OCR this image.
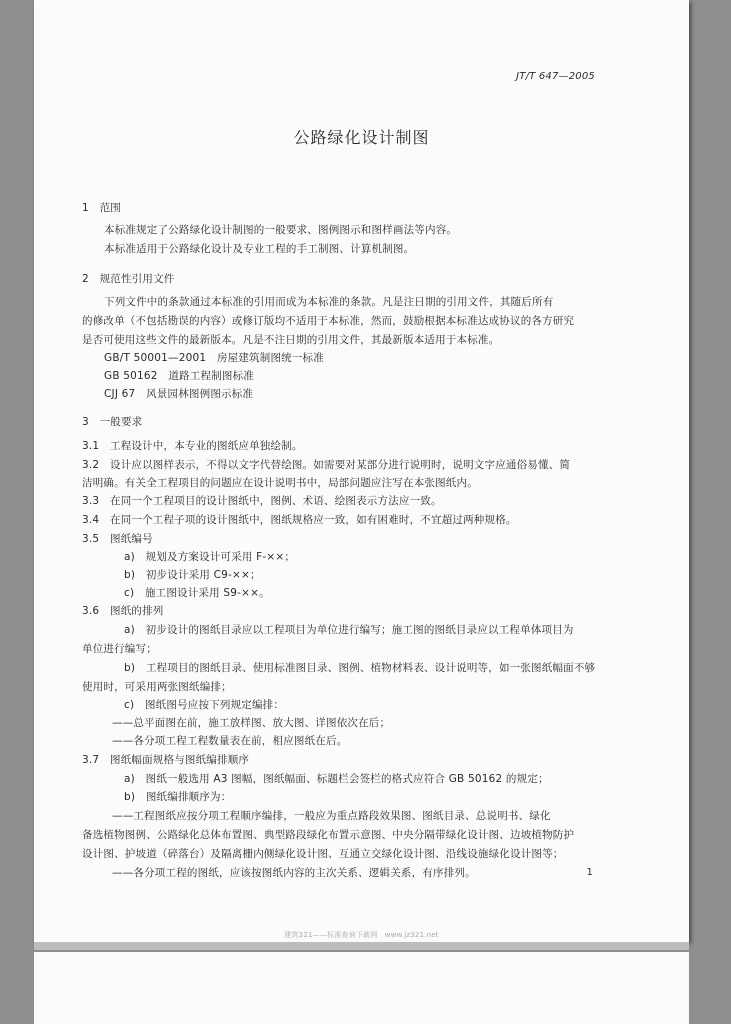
JT/T 647—2005
公路绿化设计制图
1　范围
本标准规定了公路绿化设计制图的一般要求、图例图示和图样画法等内容。
本标准适用于公路绿化设计及专业工程的手工制图、计算机制图。
2　规范性引用文件
下列文件中的条款通过本标准的引用而成为本标准的条款。凡是注日期的引用文件，其随后所有
的修改单（不包括勘误的内容）或修订版均不适用于本标准，然而，鼓励根据本标准达成协议的各方研究
是否可使用这些文件的最新版本。凡是不注日期的引用文件，其最新版本适用于本标准。
GB/T 50001—2001　房屋建筑制图统一标准
GB 50162　道路工程制图标准
CJJ 67　风景园林图例图示标准
3　一般要求
3.1　工程设计中，本专业的图纸应单独绘制。
3.2　设计应以图样表示，不得以文字代替绘图。如需要对某部分进行说明时，说明文字应通俗易懂、简
洁明确。有关全工程项目的问题应在设计说明书中，局部问题应注写在本张图纸内。
3.3　在同一个工程项目的设计图纸中，图例、术语、绘图表示方法应一致。
3.4　在同一个工程子项的设计图纸中，图纸规格应一致，如有困难时，不宜超过两种规格。
3.5　图纸编号
a)　规划及方案设计可采用 F-××；
b)　初步设计采用 C9-××；
c)　施工图设计采用 S9-××。
3.6　图纸的排列
a)　初步设计的图纸目录应以工程项目为单位进行编写；施工图的图纸目录应以工程单体项目为
单位进行编写；
b)　工程项目的图纸目录、使用标准图目录、图例、植物材料表、设计说明等，如一张图纸幅面不够
使用时，可采用两张图纸编排；
c)　图纸图号应按下列规定编排：
——总平面图在前，施工放样图、放大图、详图依次在后；
——各分项工程工程数量表在前，相应图纸在后。
3.7　图纸幅面规格与图纸编排顺序
a)　图纸一般选用 A3 图幅，图纸幅面、标题栏会签栏的格式应符合 GB 50162 的规定；
b)　图纸编排顺序为：
——工程图纸应按分项工程顺序编排，一般应为重点路段效果图、图纸目录、总说明书、绿化
备选植物图例、公路绿化总体布置图、典型路段绿化布置示意图、中央分隔带绿化设计图、边坡植物防护
设计图、护坡道（碎落台）及隔离栅内侧绿化设计图、互通立交绿化设计图、沿线设施绿化设计图等；
——各分项工程的图纸，应该按图纸内容的主次关系、逻辑关系，有序排列。	1
建筑321——标准查询下载网　www.jz321.net
